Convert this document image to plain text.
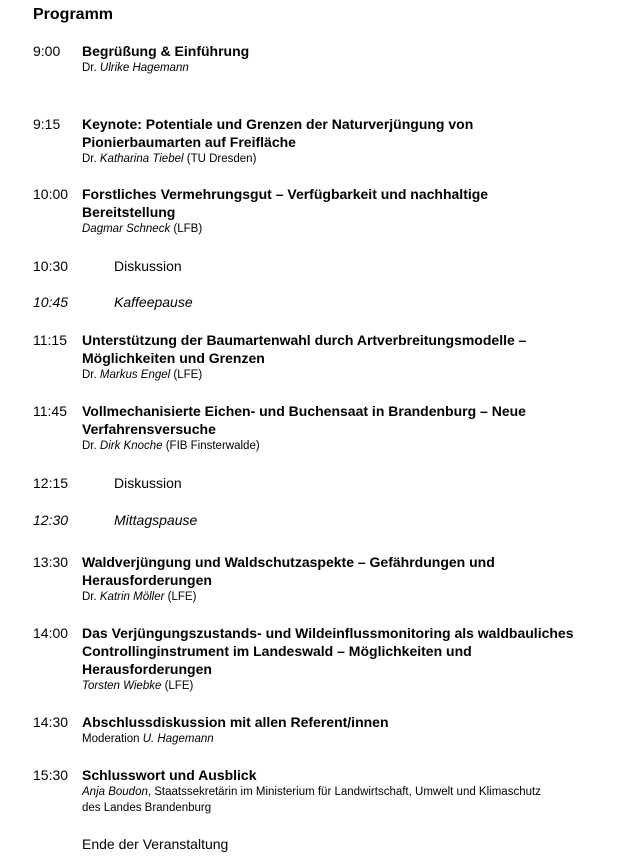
Programm
9:00 Begrüßung & Einführung
Dr. Ulrike Hagemann
9:15 Keynote: Potentiale und Grenzen der Naturverjüngung von
Pionierbaumarten auf Freifläche
Dr. Katharina Tiebel (TU Dresden)
10:00 Forstliches Vermehrungsgut – Verfügbarkeit und nachhaltige
Bereitstellung
Dagmar Schneck (LFB)
10:30	Diskussion
10:45	Kaffeepause
11:15 Unterstützung der Baumartenwahl durch Artverbreitungsmodelle –
Möglichkeiten und Grenzen
Dr. Markus Engel (LFE)
11:45 Vollmechanisierte Eichen- und Buchensaat in Brandenburg – Neue
Verfahrensversuche
Dr. Dirk Knoche (FIB Finsterwalde)
12:15	Diskussion
12:30	Mittagspause
13:30 Waldverjüngung und Waldschutzaspekte – Gefährdungen und
Herausforderungen
Dr. Katrin Möller (LFE)
14:00 Das Verjüngungszustands- und Wildeinflussmonitoring als waldbauliches
Controllinginstrument im Landeswald – Möglichkeiten und
Herausforderungen
Torsten Wiebke (LFE)
14:30 Abschlussdiskussion mit allen Referent/innen
Moderation U. Hagemann
15:30 Schlusswort und Ausblick
Anja Boudon, Staatssekretärin im Ministerium für Landwirtschaft, Umwelt und Klimaschutz
des Landes Brandenburg
Ende der Veranstaltung
